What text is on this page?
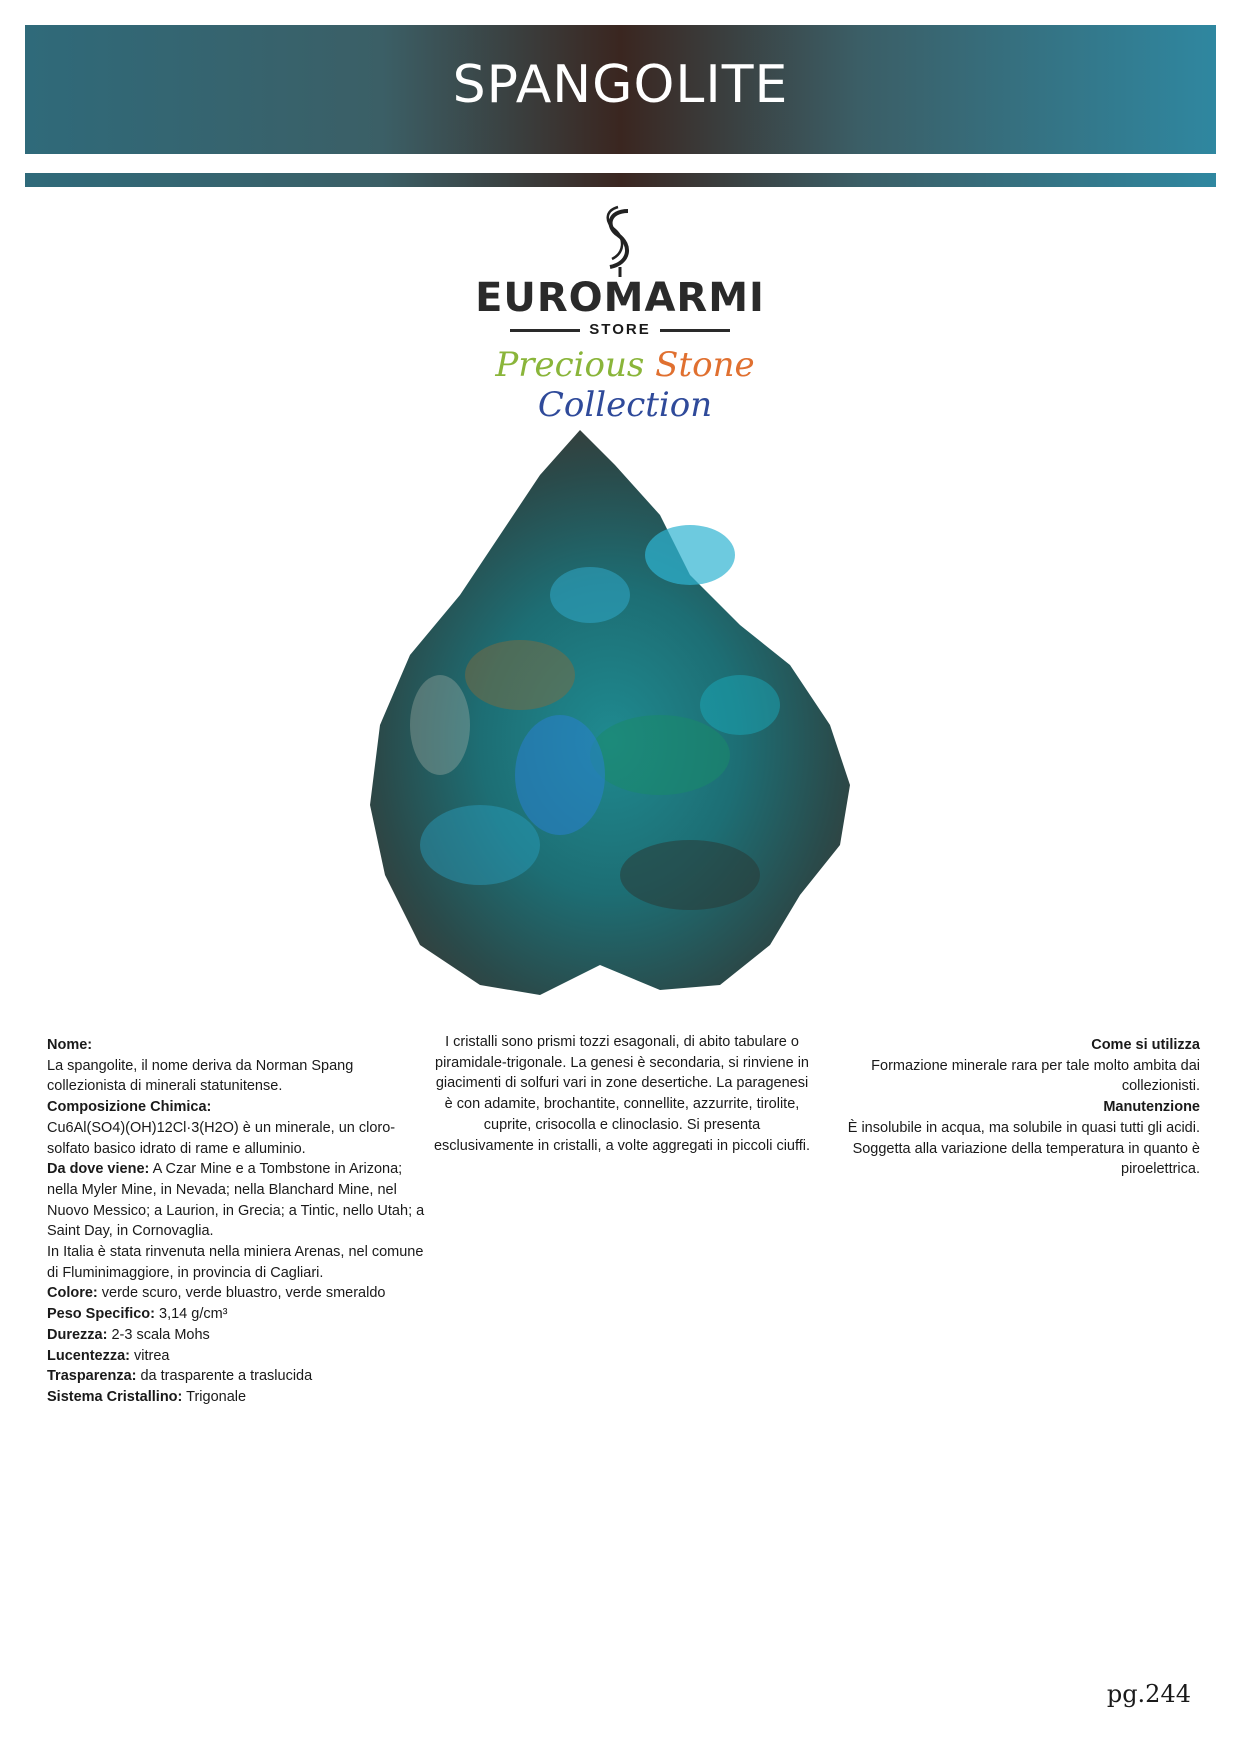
SPANGOLITE
EUROMARMI
STORE
Precious Stone Collection

Nome:

La spangolite, il nome deriva da Norman Spang collezionista di minerali statunitense.

Composizione Chimica:

Cu6Al(SO4)(OH)12Cl·3(H2O) è un minerale, un cloro-solfato basico idrato di rame e alluminio.

Da dove viene: A Czar Mine e a Tombstone in Arizona; nella Myler Mine, in Nevada; nella Blanchard Mine, nel Nuovo Messico; a Laurion, in Grecia; a Tintic, nello Utah; a Saint Day, in Cornovaglia.

In Italia è stata rinvenuta nella miniera Arenas, nel comune di Fluminimaggiore, in provincia di Cagliari.

Colore: verde scuro, verde bluastro, verde smeraldo

Peso Specifico: 3,14 g/cm³

Durezza: 2-3 scala Mohs

Lucentezza: vitrea

Trasparenza: da trasparente a traslucida

Sistema Cristallino: Trigonale

I cristalli sono prismi tozzi esagonali, di abito tabulare o piramidale-trigonale. La genesi è secondaria, si rinviene in giacimenti di solfuri vari in zone desertiche. La paragenesi è con adamite, brochantite, connellite, azzurrite, tirolite, cuprite, crisocolla e clinoclasio. Si presenta esclusivamente in cristalli, a volte aggregati in piccoli ciuffi.

Come si utilizza

Formazione minerale rara per tale molto ambita dai collezionisti.

Manutenzione

È insolubile in acqua, ma solubile in quasi tutti gli acidi. Soggetta alla variazione della temperatura in quanto è piroelettrica.

pg.244
